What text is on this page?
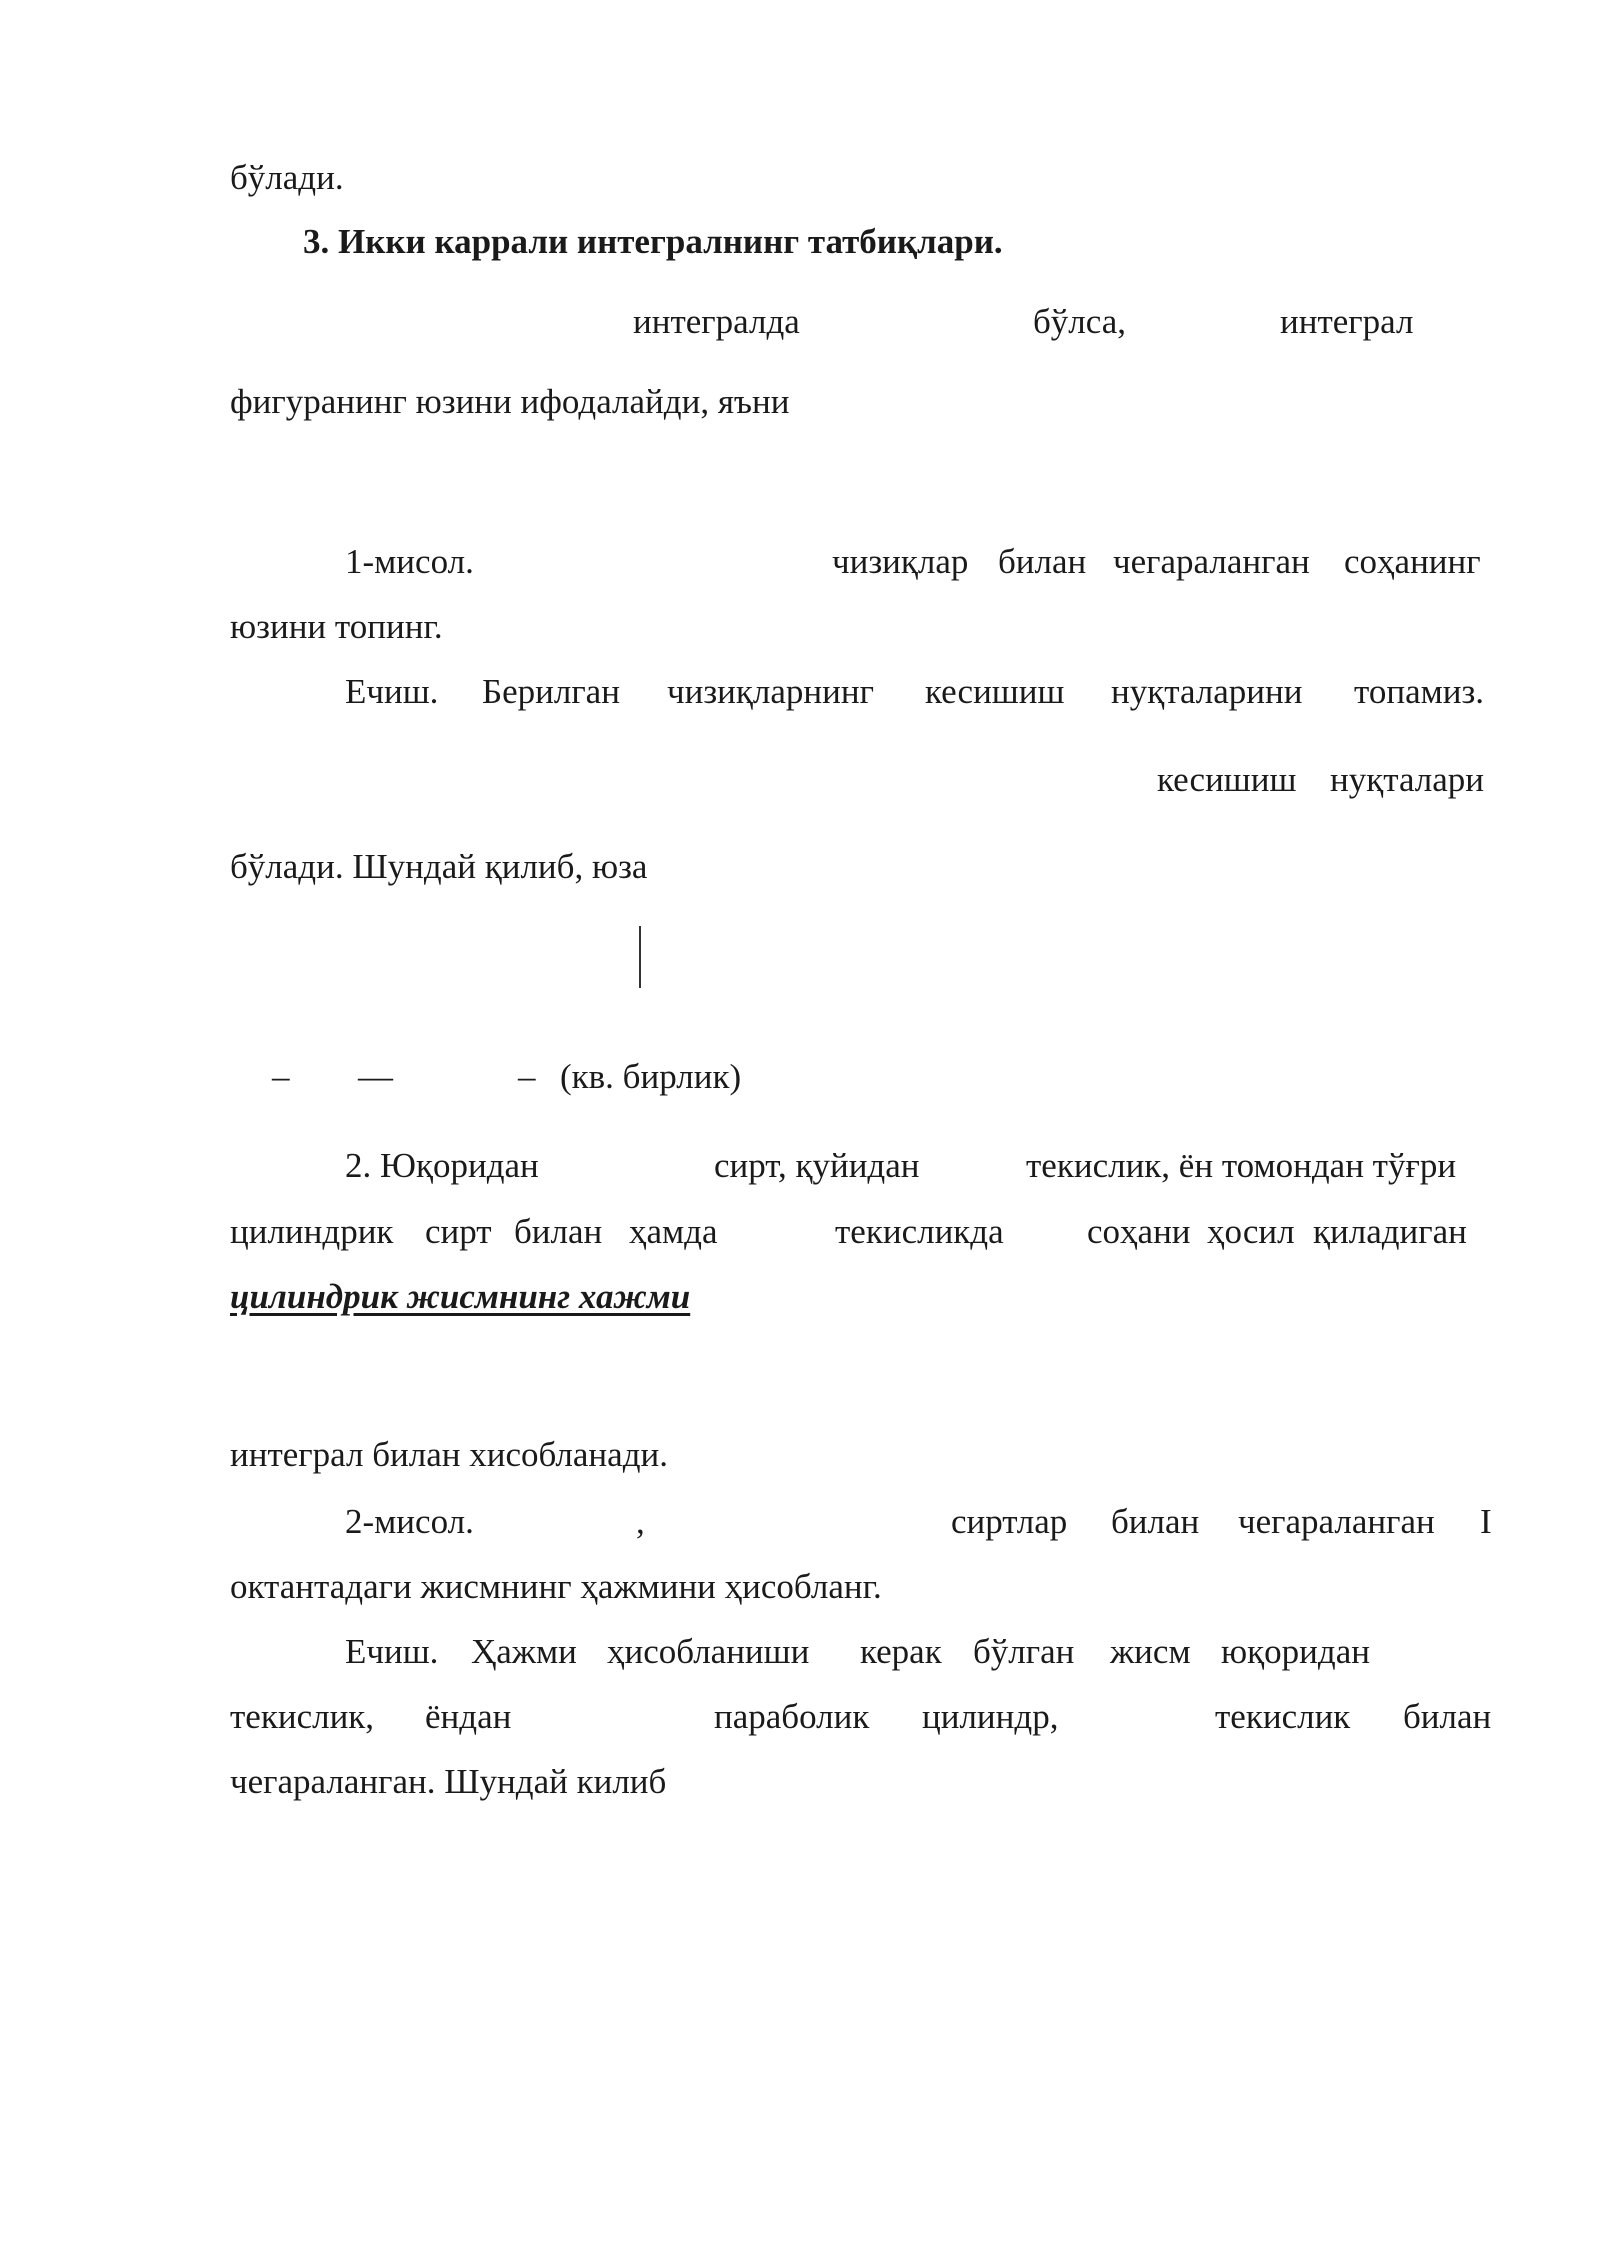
бўлади.
3. Икки каррали интегралнинг татбиқлари.
интегралда	бўлса,	интеграл
фигуранинг юзини ифодалайди, яъни
1-мисол.	чизиқлар билан чегараланган соҳанинг
юзини топинг.
Ечиш. Берилган чизиқларнинг кесишиш нуқталарини топамиз.
кесишиш нуқталари
бўлади. Шундай қилиб, юза
– —	– (кв. бирлик)
2. Юқоридан	сирт, қуйидан	текислик, ён томондан тўғри
цилиндрик сирт билан ҳамда	текисликда соҳани ҳосил қиладиган
цилиндрик жисмнинг хажми
интеграл билан хисобланади.
2-мисол.	,	сиртлар билан чегараланган I
октантадаги жисмнинг ҳажмини ҳисобланг.
Ечиш. Ҳажми ҳисобланиши керак бўлган жисм юқоридан
текислик, ёндан	параболик цилиндр,	текислик билан
чегараланган. Шундай килиб
